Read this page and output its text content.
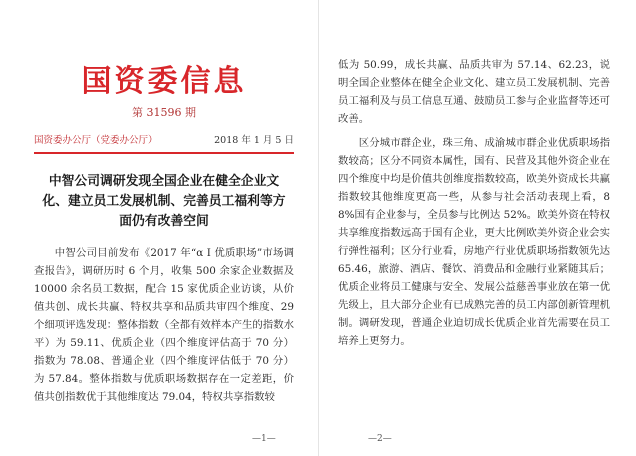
国资委信息
第 31596 期
国资委办公厅（党委办公厅）	2018 年 1 月 5 日
中智公司调研发现全国企业在健全企业文
化、建立员工发展机制、完善员工福利等方
面仍有改善空间

中智公司目前发布《2017 年“α I 优质职场”市场调查报告》，调研历时 6 个月，收集 500 余家企业数据及 10000 余名员工数据，配合 15 家优质企业访谈，从价值共创、成长共赢、特权共享和品质共审四个维度、29 个细项评选发现：整体指数（全都有效样本产生的指数水平）为 59.11、优质企业（四个维度评估高于 70 分）指数为 78.08、普通企业（四个维度评估低于 70 分）为 57.84。整体指数与优质职场数据存在一定差距，价值共创指数优于其他维度达 79.04，特权共享指数较

—1—

低为 50.99，成长共赢、品质共审为 57.14、62.23，说明全国企业整体在健全企业文化、建立员工发展机制、完善员工福利及与员工信息互通、鼓励员工参与企业监督等还可改善。

区分城市群企业，珠三角、成渝城市群企业优质职场指数较高；区分不同资本属性，国有、民营及其他外资企业在四个维度中均是价值共创维度指数较高，欧美外资成长共赢指数较其他维度更高一些，从参与社会活动表现上看，88%国有企业参与，全员参与比例达 52%。欧美外资在特权共享维度指数远高于国有企业，更大比例欧美外资企业会实行弹性福利；区分行业看，房地产行业优质职场指数领先达 65.46，旅游、酒店、餐饮、消费品和金融行业紧随其后；优质企业将员工健康与安全、发展公益慈善事业放在第一优先级上，且大部分企业有已成熟完善的员工内部创新管理机制。调研发现，普通企业迫切成长优质企业首先需要在员工培养上更努力。

—2—
